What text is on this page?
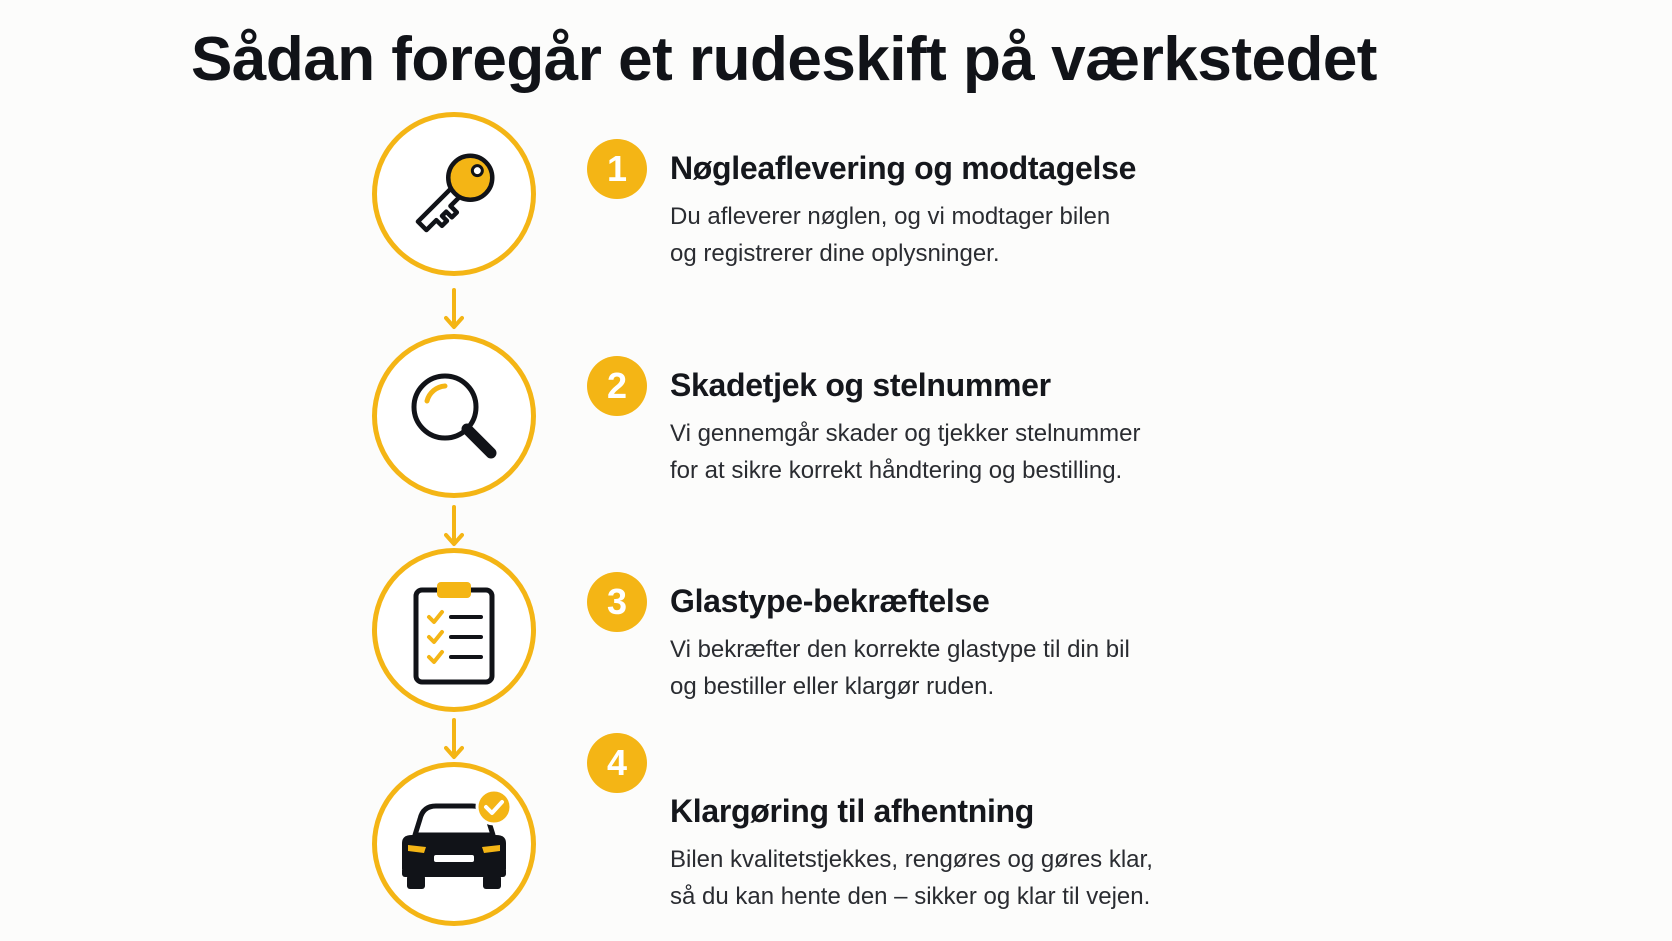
Sådan foregår et rudeskift på værkstedet
1	Nøgleaflevering og modtagelse

Du afleverer nøglen, og vi modtager bilen
og registrerer dine oplysninger.

2	Skadetjek og stelnummer

Vi gennemgår skader og tjekker stelnummer
for at sikre korrekt håndtering og bestilling.

3	Glastype-bekræftelse

Vi bekræfter den korrekte glastype til din bil
og bestiller eller klargør ruden.

4
Klargøring til afhentning

Bilen kvalitetstjekkes, rengøres og gøres klar,
så du kan hente den – sikker og klar til vejen.
